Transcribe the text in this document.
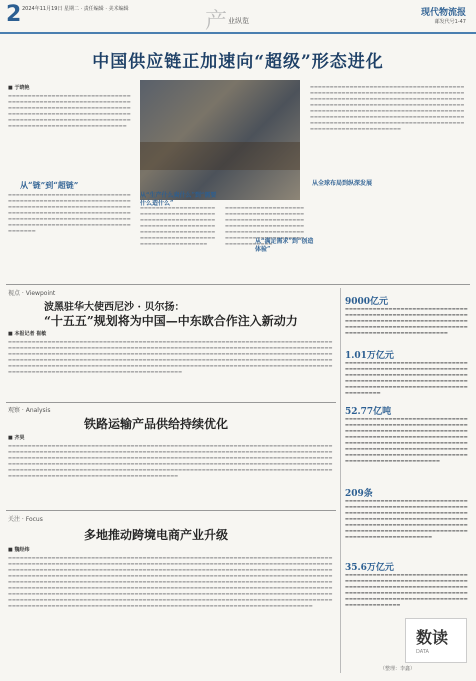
2 2024年11月19日 星期二 · 责任编辑 · 美术编辑	产 业纵览
现代物流报
邮发代号1-47
中国供应链正加速向“超级”形态进化
■ 于晓艳
▬▬▬▬▬▬▬▬▬▬▬▬▬▬▬▬▬▬▬▬▬▬▬▬▬▬▬▬▬▬▬▬▬▬▬▬▬▬▬▬▬▬▬▬▬▬▬▬▬▬▬▬▬▬▬▬▬▬▬▬▬▬▬▬▬▬▬▬▬▬▬▬▬▬▬▬▬▬▬▬▬▬▬▬▬▬▬▬▬▬▬▬▬▬▬▬▬▬▬▬▬▬▬▬▬▬▬▬▬▬▬▬▬▬▬▬▬▬▬▬▬▬▬▬▬▬▬▬▬▬▬▬▬▬▬▬▬▬▬▬▬▬▬▬▬▬▬▬▬▬▬▬▬▬▬▬▬▬▬▬▬▬▬▬▬▬▬▬▬▬▬▬▬▬▬▬▬▬▬▬▬▬▬▬▬
从“链”到“超链”
▬▬▬▬▬▬▬▬▬▬▬▬▬▬▬▬▬▬▬▬▬▬▬▬▬▬▬▬▬▬▬▬▬▬▬▬▬▬▬▬▬▬▬▬▬▬▬▬▬▬▬▬▬▬▬▬▬▬▬▬▬▬▬▬▬▬▬▬▬▬▬▬▬▬▬▬▬▬▬▬▬▬▬▬▬▬▬▬▬▬▬▬▬▬▬▬▬▬▬▬▬▬▬▬▬▬▬▬▬▬▬▬▬▬▬▬▬▬▬▬▬▬▬▬▬▬▬▬▬▬▬▬▬▬▬▬▬▬▬▬▬▬▬▬▬▬▬▬▬▬▬▬▬▬▬▬▬▬▬▬▬▬▬▬▬▬▬▬▬▬▬▬▬▬▬▬▬▬▬▬▬▬▬▬▬▬▬▬▬▬▬▬▬
▬▬▬▬▬▬▬▬▬▬▬▬▬▬▬▬▬▬▬▬▬▬▬▬▬▬▬▬▬▬▬▬▬▬▬▬▬▬▬▬▬▬▬▬▬▬▬▬▬▬▬▬▬▬▬▬▬▬▬▬▬▬▬▬▬▬▬▬▬▬▬▬▬▬▬▬▬▬▬▬▬▬▬▬▬▬▬▬▬▬▬▬▬▬▬▬▬▬▬▬▬▬▬▬▬▬▬▬▬▬▬▬▬▬▬▬▬▬▬▬▬▬▬▬▬▬▬▬▬▬▬
从“生产什么卖什么”到“需要什么造什么”
▬▬▬▬▬▬▬▬▬▬▬▬▬▬▬▬▬▬▬▬▬▬▬▬▬▬▬▬▬▬▬▬▬▬▬▬▬▬▬▬▬▬▬▬▬▬▬▬▬▬▬▬▬▬▬▬▬▬▬▬▬▬▬▬▬▬▬▬▬▬▬▬▬▬▬▬▬▬▬▬▬▬▬▬▬▬▬▬▬▬▬▬▬▬▬▬▬▬▬▬▬▬▬▬▬▬▬▬▬▬▬▬▬▬▬▬▬▬▬▬▬▬▬▬▬▬▬▬▬▬▬▬
从“满足需求”到“创造体验”
▬▬▬▬▬▬▬▬▬▬▬▬▬▬▬▬▬▬▬▬▬▬▬▬▬▬▬▬▬▬▬▬▬▬▬▬▬▬▬▬▬▬▬▬▬▬▬▬▬▬▬▬▬▬▬▬▬▬▬▬▬▬▬▬▬▬▬▬▬▬▬▬▬▬▬▬▬▬▬▬▬▬▬▬▬▬▬▬▬▬▬▬▬▬▬▬▬▬▬▬▬▬▬▬▬▬▬▬▬▬▬▬▬▬▬▬▬▬▬▬▬▬▬▬▬▬▬▬▬▬▬▬▬▬▬▬▬▬▬▬▬▬▬▬▬▬▬▬▬▬▬▬▬▬▬▬▬▬▬▬▬▬▬▬▬▬▬▬▬▬▬▬▬▬▬▬▬▬▬▬▬▬▬▬▬▬▬▬▬▬▬▬▬▬▬▬▬▬▬▬▬▬▬▬▬▬▬▬▬▬▬▬▬▬▬▬▬▬▬▬▬▬▬▬▬▬▬▬▬▬▬▬▬▬▬▬▬▬▬▬▬▬▬▬▬▬▬▬▬▬▬▬▬▬▬▬▬▬▬▬▬▬▬▬▬▬▬▬▬▬▬▬▬▬▬▬▬▬▬▬▬▬▬▬▬▬▬▬▬▬▬▬▬▬▬▬
从全球布局到纵深发展
视点 · Viewpoint
波黑驻华大使西尼沙 · 贝尔扬：
“十五五”规划将为中国—中东欧合作注入新动力
■ 本报记者 崔敏
▬▬▬▬▬▬▬▬▬▬▬▬▬▬▬▬▬▬▬▬▬▬▬▬▬▬▬▬▬▬▬▬▬▬▬▬▬▬▬▬▬▬▬▬▬▬▬▬▬▬▬▬▬▬▬▬▬▬▬▬▬▬▬▬▬▬▬▬▬▬▬▬▬▬▬▬▬▬▬▬▬▬▬▬▬▬▬▬▬▬▬▬▬▬▬▬▬▬▬▬▬▬▬▬▬▬▬▬▬▬▬▬▬▬▬▬▬▬▬▬▬▬▬▬▬▬▬▬▬▬▬▬▬▬▬▬▬▬▬▬▬▬▬▬▬▬▬▬▬▬▬▬▬▬▬▬▬▬▬▬▬▬▬▬▬▬▬▬▬▬▬▬▬▬▬▬▬▬▬▬▬▬▬▬▬▬▬▬▬▬▬▬▬▬▬▬▬▬▬▬▬▬▬▬▬▬▬▬▬▬▬▬▬▬▬▬▬▬▬▬▬▬▬▬▬▬▬▬▬▬▬▬▬▬▬▬▬▬▬▬▬▬▬▬▬▬▬▬▬▬▬▬▬▬▬▬▬▬▬▬▬▬▬▬▬▬▬▬▬▬▬▬▬▬▬▬▬▬▬▬▬▬▬▬▬▬▬▬▬▬▬▬▬▬▬▬▬▬▬▬▬▬▬▬▬▬▬▬▬▬▬▬▬▬▬▬▬▬▬▬▬▬▬▬▬▬▬▬▬▬▬▬▬▬▬▬▬▬▬▬▬▬▬▬▬▬▬▬▬▬▬▬▬▬▬▬▬▬▬▬▬▬▬▬▬▬▬▬▬▬▬▬▬▬▬▬▬▬▬▬▬▬▬▬▬▬▬▬▬▬▬▬▬▬▬▬▬▬▬▬▬▬▬▬▬▬▬▬▬▬▬▬▬▬▬▬▬▬▬▬▬▬▬▬▬▬▬▬▬▬▬▬▬▬▬▬▬▬▬▬▬▬▬▬▬▬▬▬▬▬▬▬▬▬
观察 · Analysis
铁路运输产品供给持续优化
■ 齐昊
▬▬▬▬▬▬▬▬▬▬▬▬▬▬▬▬▬▬▬▬▬▬▬▬▬▬▬▬▬▬▬▬▬▬▬▬▬▬▬▬▬▬▬▬▬▬▬▬▬▬▬▬▬▬▬▬▬▬▬▬▬▬▬▬▬▬▬▬▬▬▬▬▬▬▬▬▬▬▬▬▬▬▬▬▬▬▬▬▬▬▬▬▬▬▬▬▬▬▬▬▬▬▬▬▬▬▬▬▬▬▬▬▬▬▬▬▬▬▬▬▬▬▬▬▬▬▬▬▬▬▬▬▬▬▬▬▬▬▬▬▬▬▬▬▬▬▬▬▬▬▬▬▬▬▬▬▬▬▬▬▬▬▬▬▬▬▬▬▬▬▬▬▬▬▬▬▬▬▬▬▬▬▬▬▬▬▬▬▬▬▬▬▬▬▬▬▬▬▬▬▬▬▬▬▬▬▬▬▬▬▬▬▬▬▬▬▬▬▬▬▬▬▬▬▬▬▬▬▬▬▬▬▬▬▬▬▬▬▬▬▬▬▬▬▬▬▬▬▬▬▬▬▬▬▬▬▬▬▬▬▬▬▬▬▬▬▬▬▬▬▬▬▬▬▬▬▬▬▬▬▬▬▬▬▬▬▬▬▬▬▬▬▬▬▬▬▬▬▬▬▬▬▬▬▬▬▬▬▬▬▬▬▬▬▬▬▬▬▬▬▬▬▬▬▬▬▬▬▬▬▬▬▬▬▬▬▬▬▬▬▬▬▬▬▬▬▬▬▬▬▬▬▬▬▬▬▬▬▬▬▬▬▬▬▬▬▬▬▬▬▬▬▬▬▬▬▬▬▬▬▬▬▬▬▬▬▬▬▬▬▬▬▬▬▬▬▬▬▬▬▬▬▬▬▬▬▬▬▬▬▬▬▬▬▬▬▬▬▬▬▬▬▬▬▬▬▬▬▬▬▬▬▬▬▬▬▬▬▬▬▬▬▬▬▬▬▬▬▬▬▬▬▬
关注 · Focus
多地推动跨境电商产业升级
■ 魏经纬
▬▬▬▬▬▬▬▬▬▬▬▬▬▬▬▬▬▬▬▬▬▬▬▬▬▬▬▬▬▬▬▬▬▬▬▬▬▬▬▬▬▬▬▬▬▬▬▬▬▬▬▬▬▬▬▬▬▬▬▬▬▬▬▬▬▬▬▬▬▬▬▬▬▬▬▬▬▬▬▬▬▬▬▬▬▬▬▬▬▬▬▬▬▬▬▬▬▬▬▬▬▬▬▬▬▬▬▬▬▬▬▬▬▬▬▬▬▬▬▬▬▬▬▬▬▬▬▬▬▬▬▬▬▬▬▬▬▬▬▬▬▬▬▬▬▬▬▬▬▬▬▬▬▬▬▬▬▬▬▬▬▬▬▬▬▬▬▬▬▬▬▬▬▬▬▬▬▬▬▬▬▬▬▬▬▬▬▬▬▬▬▬▬▬▬▬▬▬▬▬▬▬▬▬▬▬▬▬▬▬▬▬▬▬▬▬▬▬▬▬▬▬▬▬▬▬▬▬▬▬▬▬▬▬▬▬▬▬▬▬▬▬▬▬▬▬▬▬▬▬▬▬▬▬▬▬▬▬▬▬▬▬▬▬▬▬▬▬▬▬▬▬▬▬▬▬▬▬▬▬▬▬▬▬▬▬▬▬▬▬▬▬▬▬▬▬▬▬▬▬▬▬▬▬▬▬▬▬▬▬▬▬▬▬▬▬▬▬▬▬▬▬▬▬▬▬▬▬▬▬▬▬▬▬▬▬▬▬▬▬▬▬▬▬▬▬▬▬▬▬▬▬▬▬▬▬▬▬▬▬▬▬▬▬▬▬▬▬▬▬▬▬▬▬▬▬▬▬▬▬▬▬▬▬▬▬▬▬▬▬▬▬▬▬▬▬▬▬▬▬▬▬▬▬▬▬▬▬▬▬▬▬▬▬▬▬▬▬▬▬▬▬▬▬▬▬▬▬▬▬▬▬▬▬▬▬▬▬▬▬▬▬▬▬▬▬▬▬▬▬▬▬▬▬▬▬▬▬▬▬▬▬▬▬▬▬▬▬▬▬▬▬▬▬▬▬▬▬▬▬▬▬▬▬▬▬▬▬▬▬▬▬▬▬▬▬▬▬▬▬▬▬▬▬▬▬▬▬▬▬▬▬▬▬▬▬▬▬▬▬▬▬▬▬▬▬▬▬▬▬▬▬▬▬▬▬▬▬▬▬▬▬▬▬▬▬▬▬▬▬▬▬▬▬▬▬▬▬▬▬▬▬▬▬▬▬▬▬▬▬▬▬▬▬▬▬▬▬▬▬▬▬▬▬▬▬▬▬▬▬▬▬▬▬▬▬▬▬▬▬▬▬▬▬▬▬▬▬▬▬▬▬▬▬▬▬▬▬▬▬▬▬▬▬▬▬▬▬▬▬▬▬▬▬▬▬▬▬▬▬▬▬▬▬▬▬▬▬▬▬▬▬▬▬▬▬▬▬▬▬▬▬▬▬▬▬▬▬▬▬▬▬▬▬▬▬▬▬▬▬▬▬▬▬▬▬▬▬▬▬▬▬▬▬▬▬▬▬▬▬▬▬▬▬▬▬▬▬▬▬▬▬▬▬▬▬▬▬▬▬▬▬▬▬▬▬▬▬▬▬▬▬▬
9000亿元
▬▬▬▬▬▬▬▬▬▬▬▬▬▬▬▬▬▬▬▬▬▬▬▬▬▬▬▬▬▬▬▬▬▬▬▬▬▬▬▬▬▬▬▬▬▬▬▬▬▬▬▬▬▬▬▬▬▬▬▬▬▬▬▬▬▬▬▬▬▬▬▬▬▬▬▬▬▬▬▬▬▬▬▬▬▬▬▬▬▬▬▬▬▬▬▬▬▬▬▬▬▬▬▬▬▬▬▬▬▬▬▬▬▬▬▬▬▬▬▬▬▬▬▬▬▬▬▬▬▬▬▬▬▬▬▬▬▬▬▬▬▬▬▬▬▬▬▬▬▬
1.01万亿元
▬▬▬▬▬▬▬▬▬▬▬▬▬▬▬▬▬▬▬▬▬▬▬▬▬▬▬▬▬▬▬▬▬▬▬▬▬▬▬▬▬▬▬▬▬▬▬▬▬▬▬▬▬▬▬▬▬▬▬▬▬▬▬▬▬▬▬▬▬▬▬▬▬▬▬▬▬▬▬▬▬▬▬▬▬▬▬▬▬▬▬▬▬▬▬▬▬▬▬▬▬▬▬▬▬▬▬▬▬▬▬▬▬▬▬▬▬▬▬▬▬▬▬▬▬▬▬▬▬▬▬▬▬▬▬▬▬▬▬▬▬▬▬▬▬▬▬▬▬▬▬▬▬▬▬▬▬▬▬▬▬▬▬▬
52.77亿吨
▬▬▬▬▬▬▬▬▬▬▬▬▬▬▬▬▬▬▬▬▬▬▬▬▬▬▬▬▬▬▬▬▬▬▬▬▬▬▬▬▬▬▬▬▬▬▬▬▬▬▬▬▬▬▬▬▬▬▬▬▬▬▬▬▬▬▬▬▬▬▬▬▬▬▬▬▬▬▬▬▬▬▬▬▬▬▬▬▬▬▬▬▬▬▬▬▬▬▬▬▬▬▬▬▬▬▬▬▬▬▬▬▬▬▬▬▬▬▬▬▬▬▬▬▬▬▬▬▬▬▬▬▬▬▬▬▬▬▬▬▬▬▬▬▬▬▬▬▬▬▬▬▬▬▬▬▬▬▬▬▬▬▬▬▬▬▬▬▬▬▬▬▬▬▬▬▬▬▬▬▬▬▬▬▬▬▬▬▬▬▬▬▬▬▬▬▬▬▬▬▬▬▬▬▬▬▬▬▬▬▬▬▬▬▬▬▬▬▬▬▬▬▬▬▬▬▬▬▬▬▬▬▬▬▬▬▬▬▬▬▬
209条
▬▬▬▬▬▬▬▬▬▬▬▬▬▬▬▬▬▬▬▬▬▬▬▬▬▬▬▬▬▬▬▬▬▬▬▬▬▬▬▬▬▬▬▬▬▬▬▬▬▬▬▬▬▬▬▬▬▬▬▬▬▬▬▬▬▬▬▬▬▬▬▬▬▬▬▬▬▬▬▬▬▬▬▬▬▬▬▬▬▬▬▬▬▬▬▬▬▬▬▬▬▬▬▬▬▬▬▬▬▬▬▬▬▬▬▬▬▬▬▬▬▬▬▬▬▬▬▬▬▬▬▬▬▬▬▬▬▬▬▬▬▬▬▬▬▬▬▬▬▬▬▬▬▬▬▬▬▬▬▬▬▬▬▬▬▬▬▬▬▬▬▬▬▬▬▬▬▬▬▬▬▬▬▬▬▬▬▬▬▬▬▬▬▬▬▬▬▬▬▬▬▬▬▬▬▬▬▬
35.6万亿元
▬▬▬▬▬▬▬▬▬▬▬▬▬▬▬▬▬▬▬▬▬▬▬▬▬▬▬▬▬▬▬▬▬▬▬▬▬▬▬▬▬▬▬▬▬▬▬▬▬▬▬▬▬▬▬▬▬▬▬▬▬▬▬▬▬▬▬▬▬▬▬▬▬▬▬▬▬▬▬▬▬▬▬▬▬▬▬▬▬▬▬▬▬▬▬▬▬▬▬▬▬▬▬▬▬▬▬▬▬▬▬▬▬▬▬▬▬▬▬▬▬▬▬▬▬▬▬▬▬▬▬▬▬▬▬▬▬▬▬▬▬▬▬▬▬▬▬▬▬▬▬▬▬▬▬▬▬▬▬▬▬▬▬▬▬▬▬▬▬
数读
DATA
（整理：李鑫）
